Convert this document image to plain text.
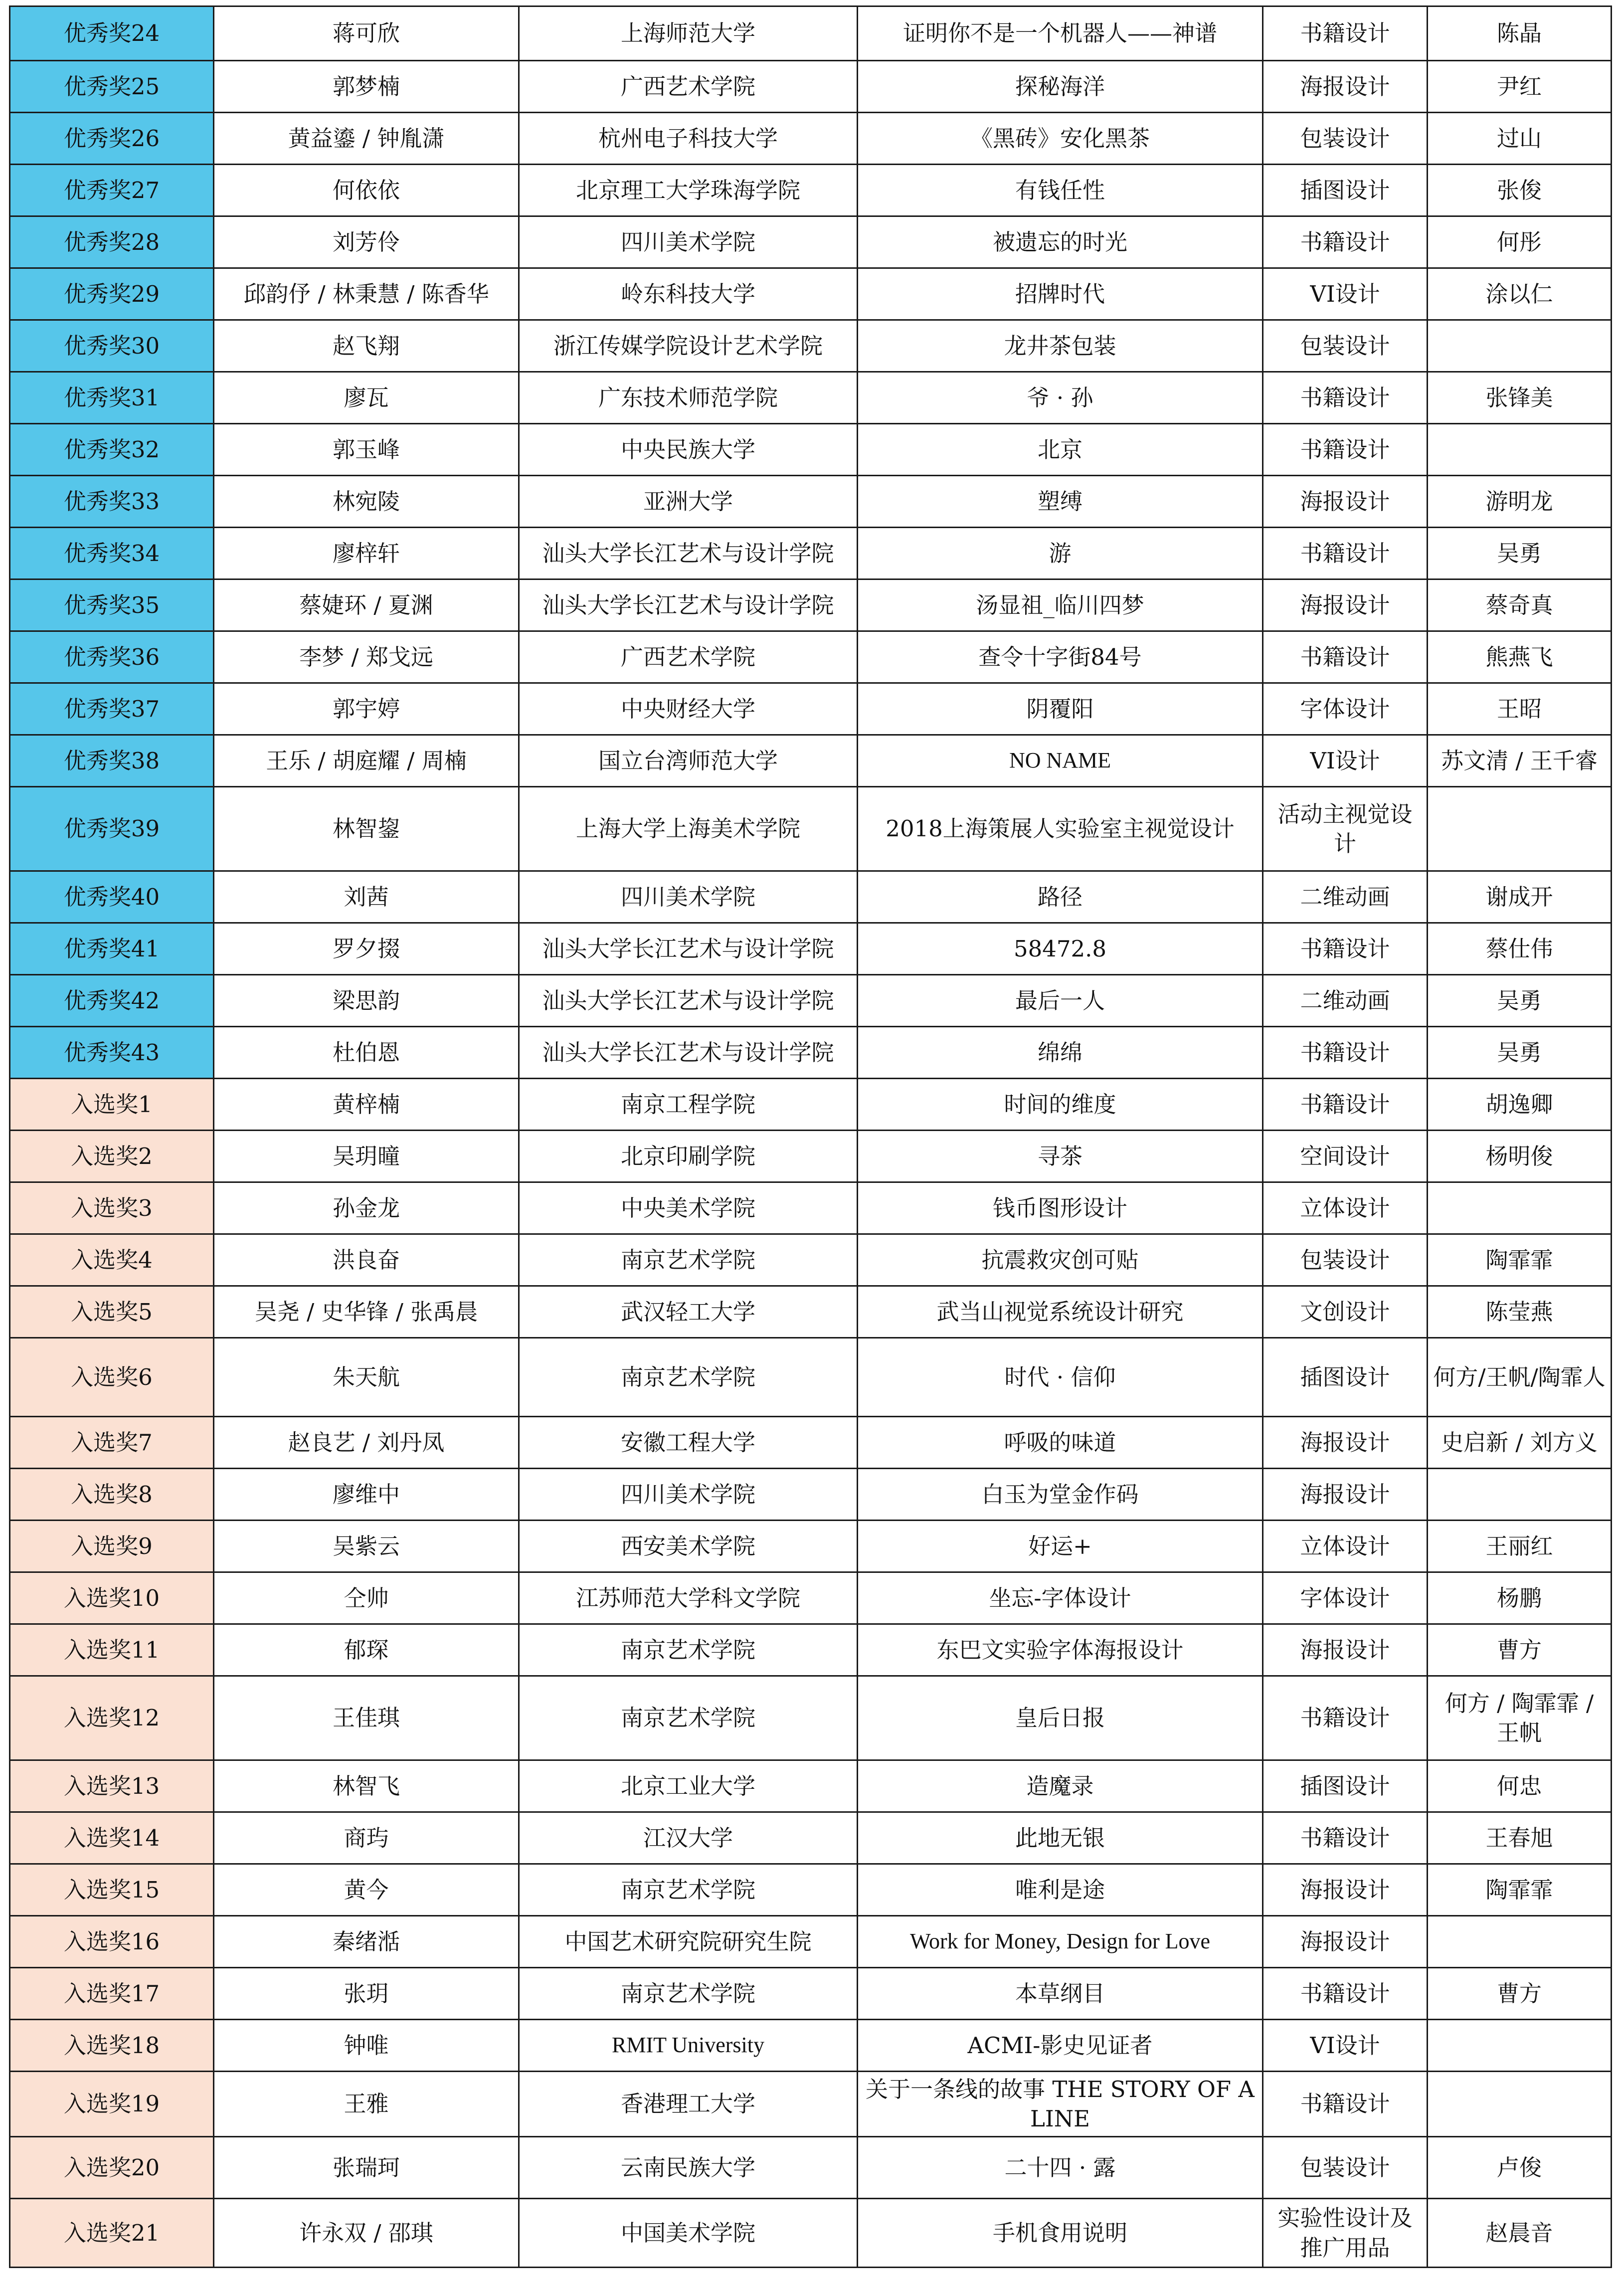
优秀奖24	蒋可欣	上海师范大学	证明你不是一个机器人——神谱	书籍设计	陈晶
优秀奖25	郭梦楠	广西艺术学院	探秘海洋	海报设计	尹红
优秀奖26	黄益鎏 / 钟胤潇	杭州电子科技大学	《黑砖》安化黑茶	包装设计	过山
优秀奖27	何依依	北京理工大学珠海学院	有钱任性	插图设计	张俊
优秀奖28	刘芳伶	四川美术学院	被遗忘的时光	书籍设计	何彤
优秀奖29	邱韵伃 / 林秉慧 / 陈香华	岭东科技大学	招牌时代	VI设计	涂以仁
优秀奖30	赵飞翔	浙江传媒学院设计艺术学院	龙井茶包装	包装设计	
优秀奖31	廖瓦	广东技术师范学院	爷 · 孙	书籍设计	张锋美
优秀奖32	郭玉峰	中央民族大学	北京	书籍设计	
优秀奖33	林宛陵	亚洲大学	塑缚	海报设计	游明龙
优秀奖34	廖梓轩	汕头大学长江艺术与设计学院	游	书籍设计	吴勇
优秀奖35	蔡婕环 / 夏渊	汕头大学长江艺术与设计学院	汤显祖_临川四梦	海报设计	蔡奇真
优秀奖36	李梦 / 郑戈远	广西艺术学院	查令十字街84号	书籍设计	熊燕飞
优秀奖37	郭宇婷	中央财经大学	阴覆阳	字体设计	王昭
优秀奖38	王乐 / 胡庭耀 / 周楠	国立台湾师范大学	NO NAME	VI设计	苏文清 / 王千睿
优秀奖39	林智鋆	上海大学上海美术学院	2018上海策展人实验室主视觉设计	活动主视觉设计	
优秀奖40	刘茜	四川美术学院	路径	二维动画	谢成开
优秀奖41	罗夕掇	汕头大学长江艺术与设计学院	58472.8	书籍设计	蔡仕伟
优秀奖42	梁思韵	汕头大学长江艺术与设计学院	最后一人	二维动画	吴勇
优秀奖43	杜伯恩	汕头大学长江艺术与设计学院	绵绵	书籍设计	吴勇
入选奖1	黄梓楠	南京工程学院	时间的维度	书籍设计	胡逸卿
入选奖2	吴玥曈	北京印刷学院	寻茶	空间设计	杨明俊
入选奖3	孙金龙	中央美术学院	钱币图形设计	立体设计	
入选奖4	洪良奋	南京艺术学院	抗震救灾创可贴	包装设计	陶霏霏
入选奖5	吴尧 / 史华锋 / 张禹晨	武汉轻工大学	武当山视觉系统设计研究	文创设计	陈莹燕
入选奖6	朱天航	南京艺术学院	时代 · 信仰	插图设计	何方/王帆/陶霏人
入选奖7	赵良艺 / 刘丹凤	安徽工程大学	呼吸的味道	海报设计	史启新 / 刘方义
入选奖8	廖维中	四川美术学院	白玉为堂金作码	海报设计	
入选奖9	吴紫云	西安美术学院	好运+	立体设计	王丽红
入选奖10	仝帅	江苏师范大学科文学院	坐忘-字体设计	字体设计	杨鹏
入选奖11	郁琛	南京艺术学院	东巴文实验字体海报设计	海报设计	曹方
入选奖12	王佳琪	南京艺术学院	皇后日报	书籍设计	何方 / 陶霏霏 / 王帆
入选奖13	林智飞	北京工业大学	造魔录	插图设计	何忠
入选奖14	商玙	江汉大学	此地无银	书籍设计	王春旭
入选奖15	黄今	南京艺术学院	唯利是途	海报设计	陶霏霏
入选奖16	秦绪湉	中国艺术研究院研究生院	Work for Money, Design for Love	海报设计	
入选奖17	张玥	南京艺术学院	本草纲目	书籍设计	曹方
入选奖18	钟唯	RMIT University	ACMI-影史见证者	VI设计	
入选奖19	王雅	香港理工大学	关于一条线的故事 THE STORY OF A LINE	书籍设计	
入选奖20	张瑞珂	云南民族大学	二十四 · 露	包装设计	卢俊
入选奖21	许永双 / 邵琪	中国美术学院	手机食用说明	实验性设计及推广用品	赵晨音
